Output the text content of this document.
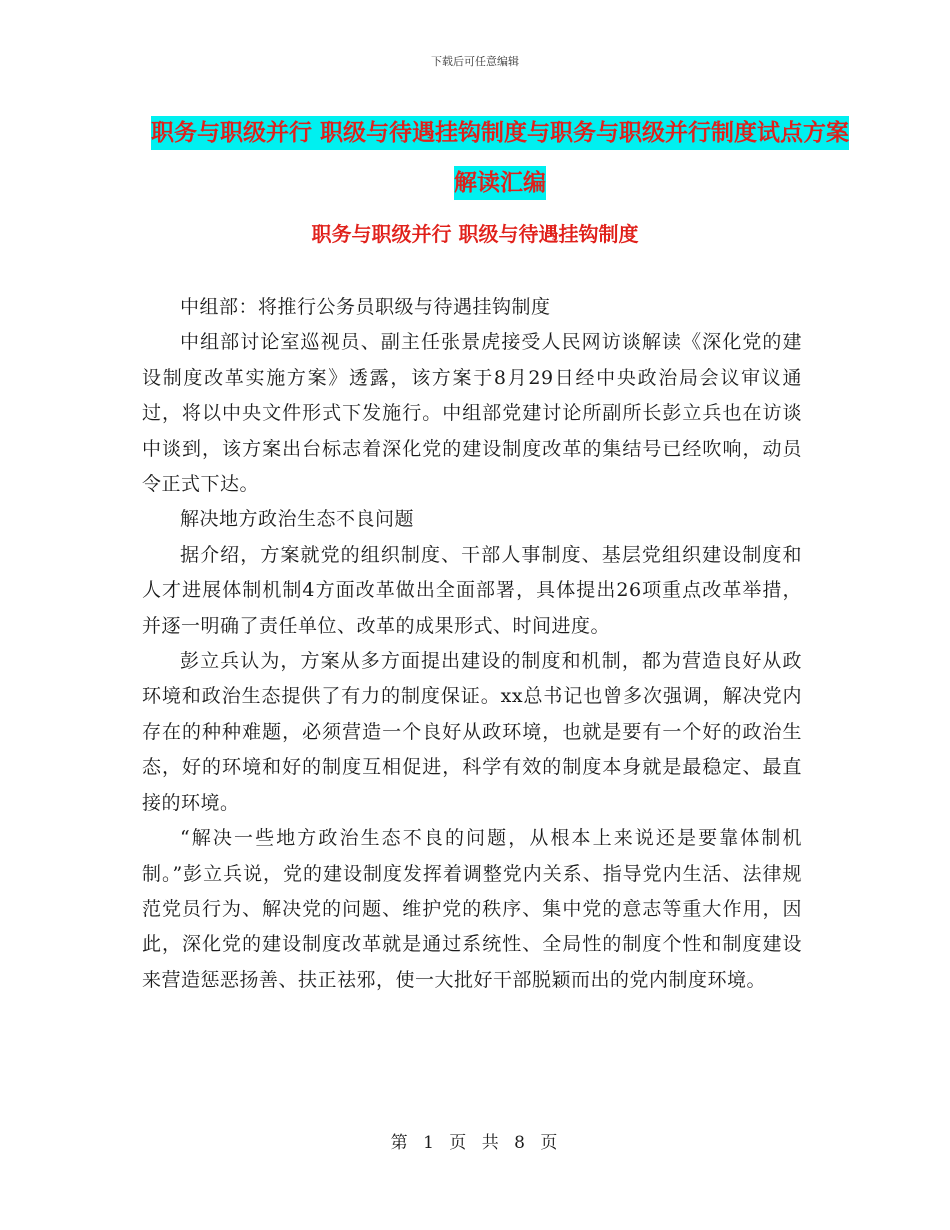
下载后可任意编辑
职务与职级并行 职级与待遇挂钩制度与职务与职级并行制度试点方案解读汇编
职务与职级并行 职级与待遇挂钩制度

中组部：将推行公务员职级与待遇挂钩制度

中组部讨论室巡视员、副主任张景虎接受人民网访谈解读《深化党的建设制度改革实施方案》透露，该方案于8月29日经中央政治局会议审议通过，将以中央文件形式下发施行。中组部党建讨论所副所长彭立兵也在访谈中谈到，该方案出台标志着深化党的建设制度改革的集结号已经吹响，动员令正式下达。

解决地方政治生态不良问题

据介绍，方案就党的组织制度、干部人事制度、基层党组织建设制度和人才进展体制机制4方面改革做出全面部署，具体提出26项重点改革举措，并逐一明确了责任单位、改革的成果形式、时间进度。

彭立兵认为，方案从多方面提出建设的制度和机制，都为营造良好从政环境和政治生态提供了有力的制度保证。xx总书记也曾多次强调，解决党内存在的种种难题，必须营造一个良好从政环境，也就是要有一个好的政治生态，好的环境和好的制度互相促进，科学有效的制度本身就是最稳定、最直接的环境。

“解决一些地方政治生态不良的问题，从根本上来说还是要靠体制机制。”彭立兵说，党的建设制度发挥着调整党内关系、指导党内生活、法律规范党员行为、解决党的问题、维护党的秩序、集中党的意志等重大作用，因此，深化党的建设制度改革就是通过系统性、全局性的制度个性和制度建设来营造惩恶扬善、扶正祛邪，使一大批好干部脱颖而出的党内制度环境。

第 1 页 共 8 页
